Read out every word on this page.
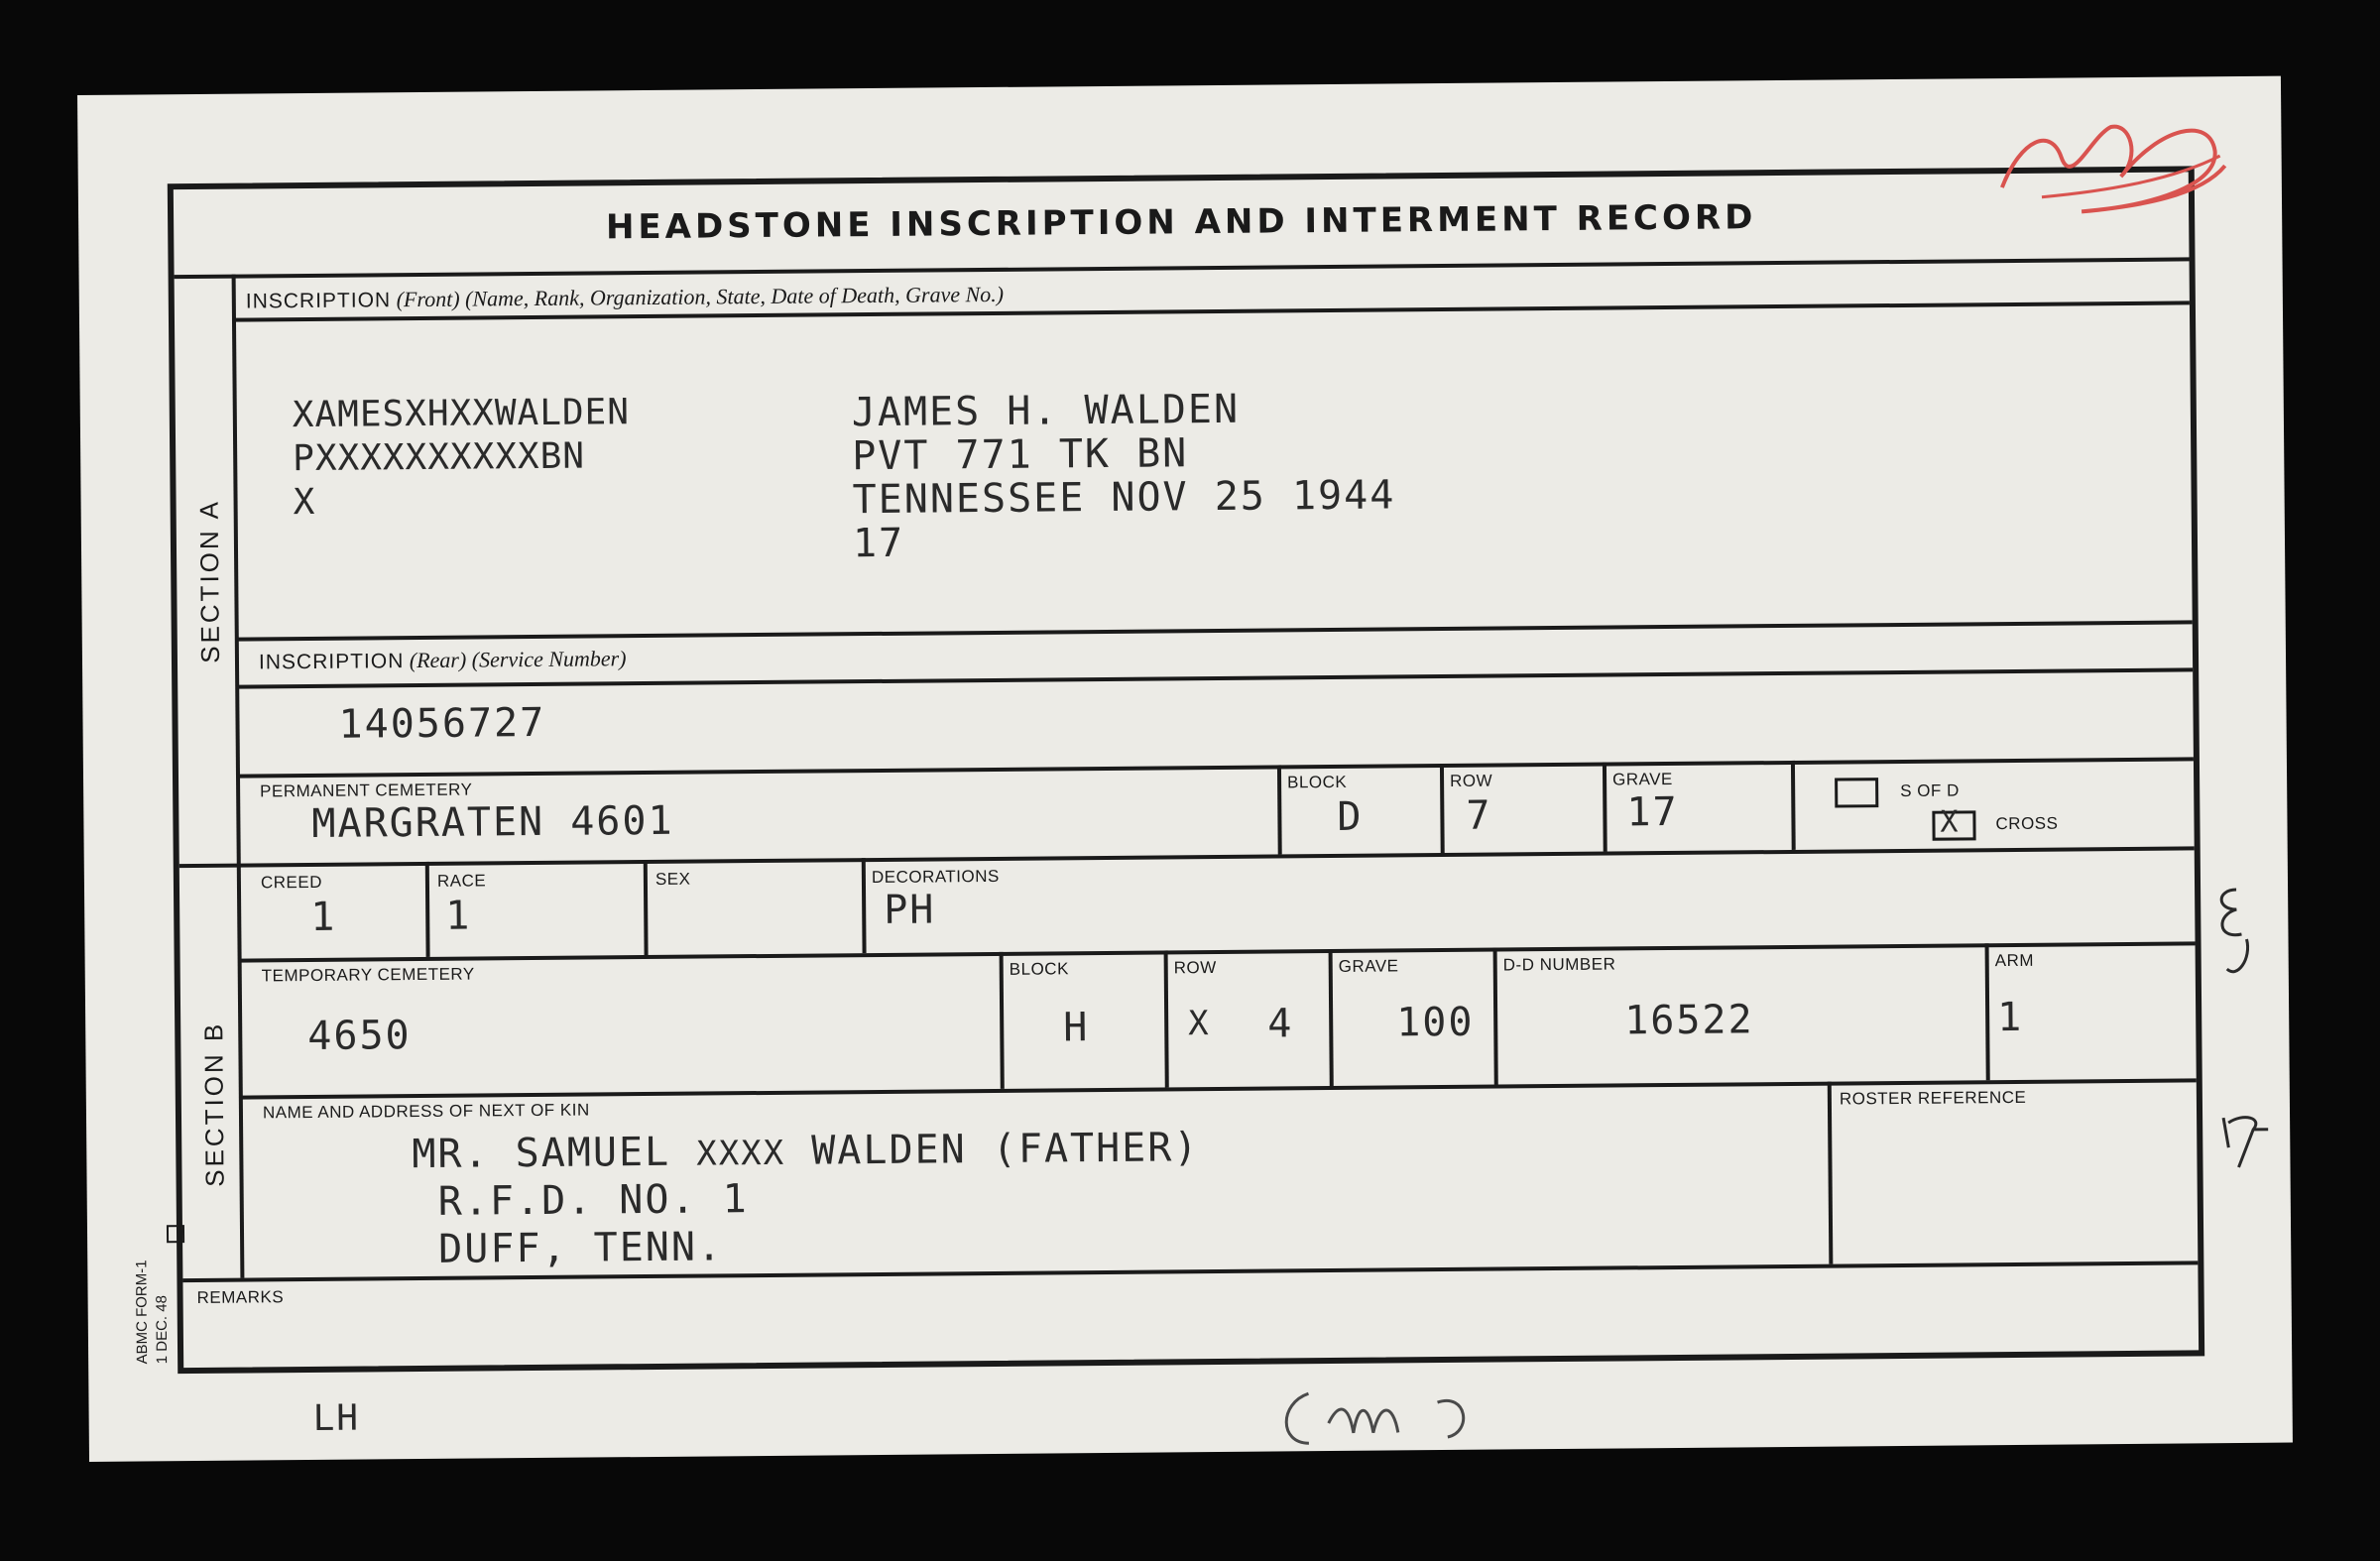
HEADSTONE INSCRIPTION AND INTERMENT RECORD
SECTION A
SECTION B
INSCRIPTION (Front) (Name, Rank, Organization, State, Date of Death, Grave No.)
XAMESXHXXWALDEN
PXXXXXXXXXXBN
X
JAMES H. WALDEN
PVT 771 TK BN
TENNESSEE NOV 25 1944
17
INSCRIPTION (Rear) (Service Number)
14056727
PERMANENT CEMETERY
MARGRATEN 4601
BLOCK
D
ROW
7
GRAVE
17	S OF D
X CROSS
CREED
1
RACE
1
SEX	DECORATIONS
PH
TEMPORARY CEMETERY
4650
BLOCK
H
ROW
X 4
GRAVE
100
D-D NUMBER
16522
ARM
1
NAME AND ADDRESS OF NEXT OF KIN
MR. SAMUEL XXXX WALDEN (FATHER)
R.F.D. NO. 1
DUFF, TENN.
ROSTER REFERENCE
REMARKS
ABMC FORM-1 1 DEC. 48
LH
